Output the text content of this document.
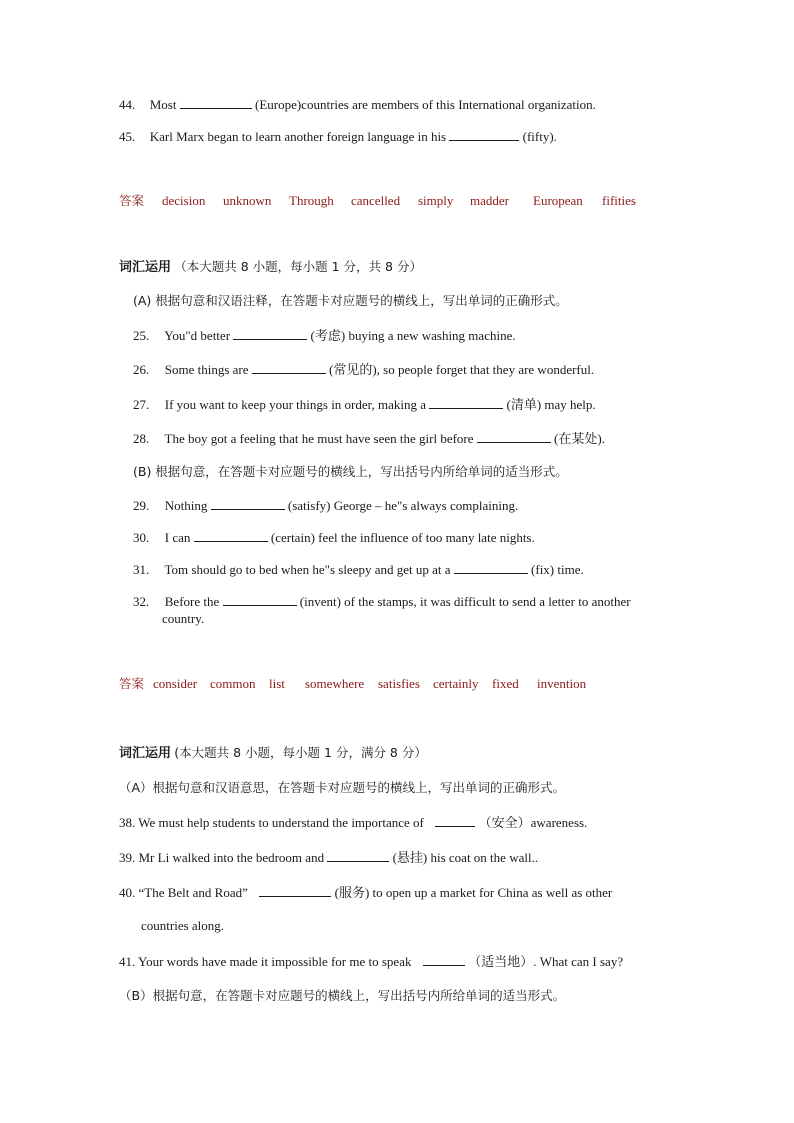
44. Most	(Europe)countries are members of this International organization.
45. Karl Marx began to learn another foreign language in his	(fifty).
答案 decision unknown Through cancelled simply madder European fifities
词汇运用 （本大题共 8 小题，每小题 1 分，共 8 分）
(A) 根据句意和汉语注释，在答题卡对应题号的横线上，写出单词的正确形式。
25. You"d better	(考虑) buying a new washing machine.
26. Some things are	(常见的), so people forget that they are wonderful.
27. If you want to keep your things in order, making a	(清单) may help.
28. The boy got a feeling that he must have seen the girl before	(在某处).
(B) 根据句意，在答题卡对应题号的横线上，写出括号内所给单词的适当形式。
29. Nothing	(satisfy) George – he"s always complaining.
30. I can	(certain) feel the influence of too many late nights.
31. Tom should go to bed when he"s sleepy and get up at a	(fix) time.
32. Before the	(invent) of the stamps, it was difficult to send a letter to another
country.
答案 consider common list somewhere satisfies certainly fixed invention
词汇运用 (本大题共 8 小题，每小题 1 分，满分 8 分）
（A）根据句意和汉语意思，在答题卡对应题号的横线上，写出单词的正确形式。
38. We must help students to understand the importance of	（安全）awareness.
39. Mr Li walked into the bedroom and	(悬挂) his coat on the wall..
40. “The Belt and Road”	(服务) to open up a market for China as well as other
countries along.
41. Your words have made it impossible for me to speak	（适当地）. What can I say?
（B）根据句意，在答题卡对应题号的横线上，写出括号内所给单词的适当形式。
